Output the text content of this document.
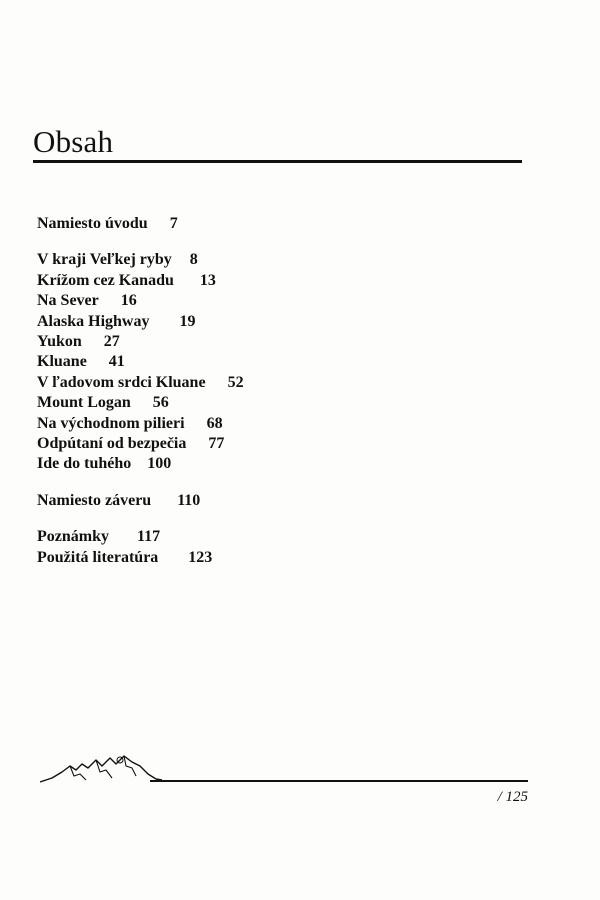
Obsah
Namiesto úvodu 7
V kraji Veľkej ryby 8
Krížom cez Kanadu 13
Na Sever 16
Alaska Highway 19
Yukon 27
Kluane 41
V ľadovom srdci Kluane 52
Mount Logan 56
Na východnom pilieri 68
Odpútaní od bezpečia 77
Ide do tuhého 100
Namiesto záveru 110
Poznámky 117
Použitá literatúra 123
/ 125
